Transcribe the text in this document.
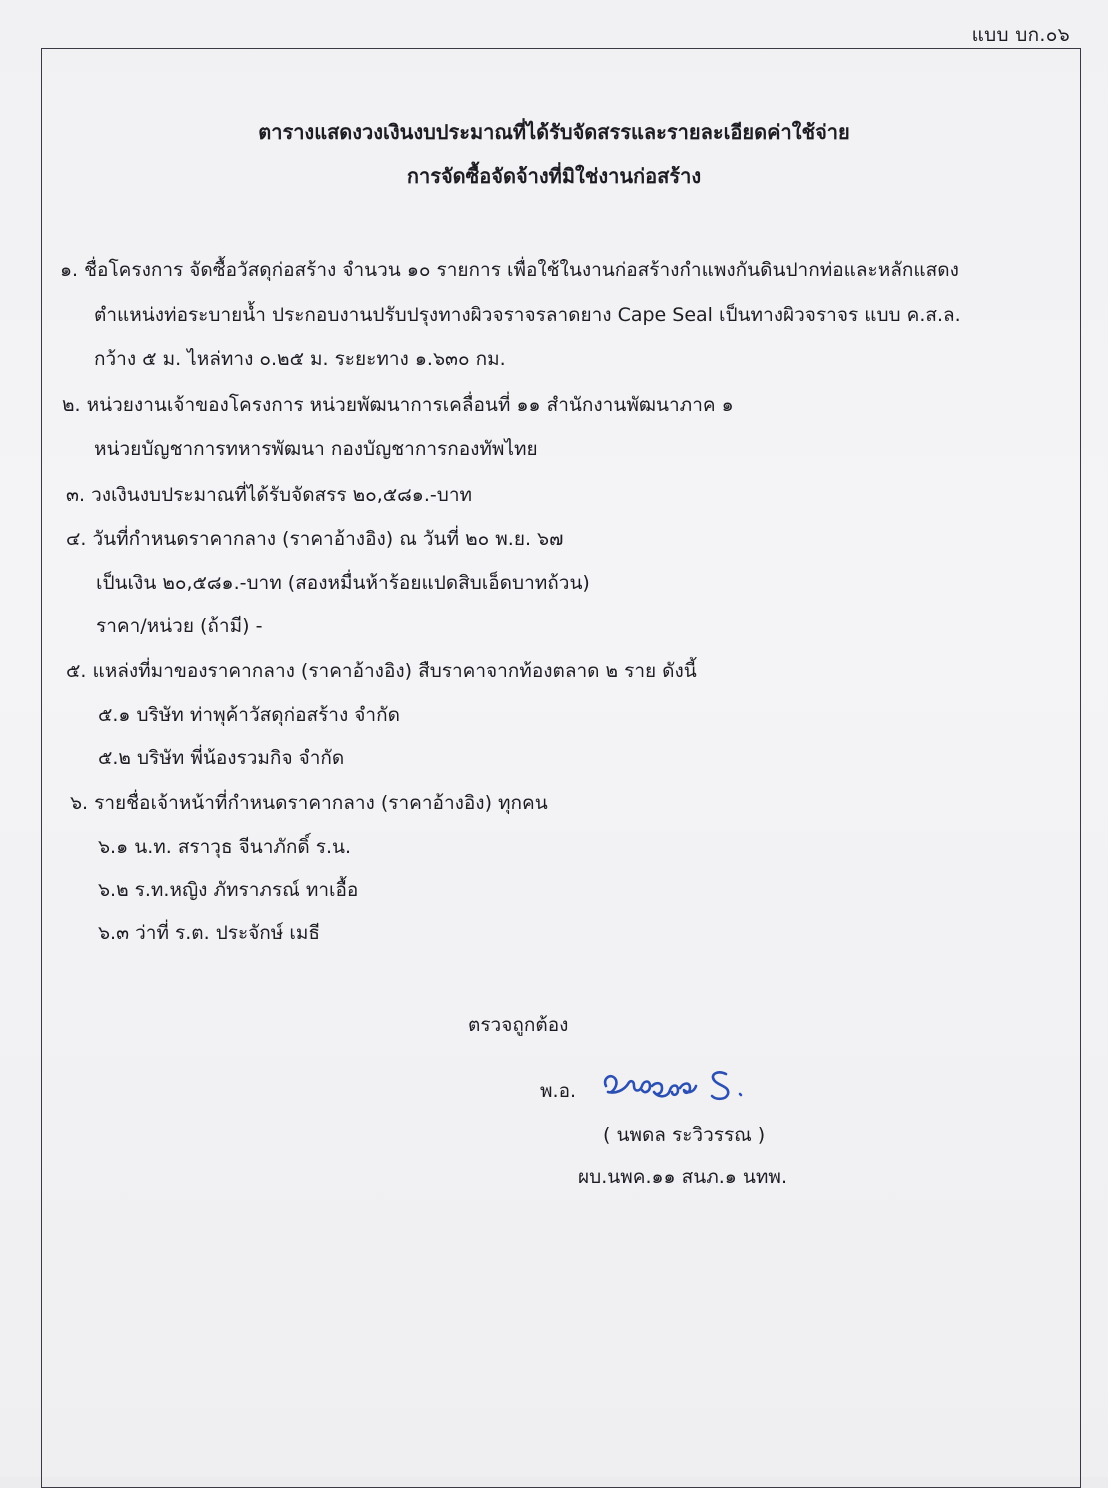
แบบ บก.๐๖
ตารางแสดงวงเงินงบประมาณที่ได้รับจัดสรรและรายละเอียดค่าใช้จ่าย
การจัดซื้อจัดจ้างที่มิใช่งานก่อสร้าง
๑. ชื่อโครงการ จัดซื้อวัสดุก่อสร้าง จำนวน ๑๐ รายการ เพื่อใช้ในงานก่อสร้างกำแพงกันดินปากท่อและหลักแสดง
ตำแหน่งท่อระบายน้ำ ประกอบงานปรับปรุงทางผิวจราจรลาดยาง Cape Seal เป็นทางผิวจราจร แบบ ค.ส.ล.
กว้าง ๕ ม. ไหล่ทาง ๐.๒๕ ม. ระยะทาง ๑.๖๓๐ กม.
๒. หน่วยงานเจ้าของโครงการ หน่วยพัฒนาการเคลื่อนที่ ๑๑ สำนักงานพัฒนาภาค ๑
หน่วยบัญชาการทหารพัฒนา กองบัญชาการกองทัพไทย
๓. วงเงินงบประมาณที่ได้รับจัดสรร ๒๐,๕๘๑.-บาท
๔. วันที่กำหนดราคากลาง (ราคาอ้างอิง) ณ วันที่ ๒๐ พ.ย. ๖๗
เป็นเงิน ๒๐,๕๘๑.-บาท (สองหมื่นห้าร้อยแปดสิบเอ็ดบาทถ้วน)
ราคา/หน่วย (ถ้ามี) -
๕. แหล่งที่มาของราคากลาง (ราคาอ้างอิง) สืบราคาจากท้องตลาด ๒ ราย ดังนี้
๕.๑ บริษัท ท่าพุค้าวัสดุก่อสร้าง จำกัด
๕.๒ บริษัท พี่น้องรวมกิจ จำกัด
๖. รายชื่อเจ้าหน้าที่กำหนดราคากลาง (ราคาอ้างอิง) ทุกคน
๖.๑ น.ท. สราวุธ จีนาภักดิ์ ร.น.
๖.๒ ร.ท.หญิง ภัทราภรณ์ ทาเอื้อ
๖.๓ ว่าที่ ร.ต. ประจักษ์ เมธี
ตรวจถูกต้อง
พ.อ.
( นพดล ระวิวรรณ )
ผบ.นพค.๑๑ สนภ.๑ นทพ.
